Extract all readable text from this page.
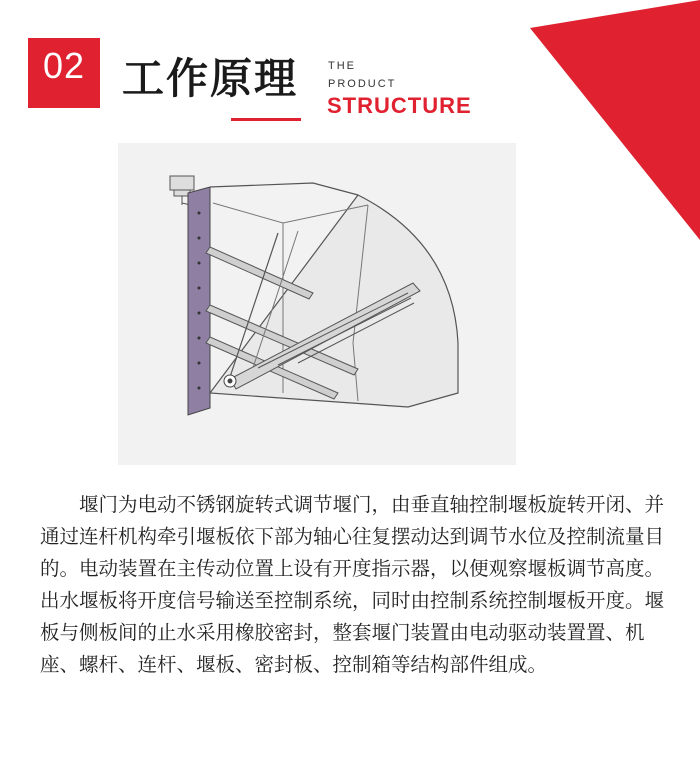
02 工作原理	THE
PRODUCT
STRUCTURE

　　堰门为电动不锈钢旋转式调节堰门，由垂直轴控制堰板旋转开闭、并通过连杆机构牵引堰板依下部为轴心往复摆动达到调节水位及控制流量目的。电动装置在主传动位置上设有开度指示器，以便观察堰板调节高度。出水堰板将开度信号输送至控制系统，同时由控制系统控制堰板开度。堰板与侧板间的止水采用橡胶密封，整套堰门装置由电动驱动装置置、机座、螺杆、连杆、堰板、密封板、控制箱等结构部件组成。
